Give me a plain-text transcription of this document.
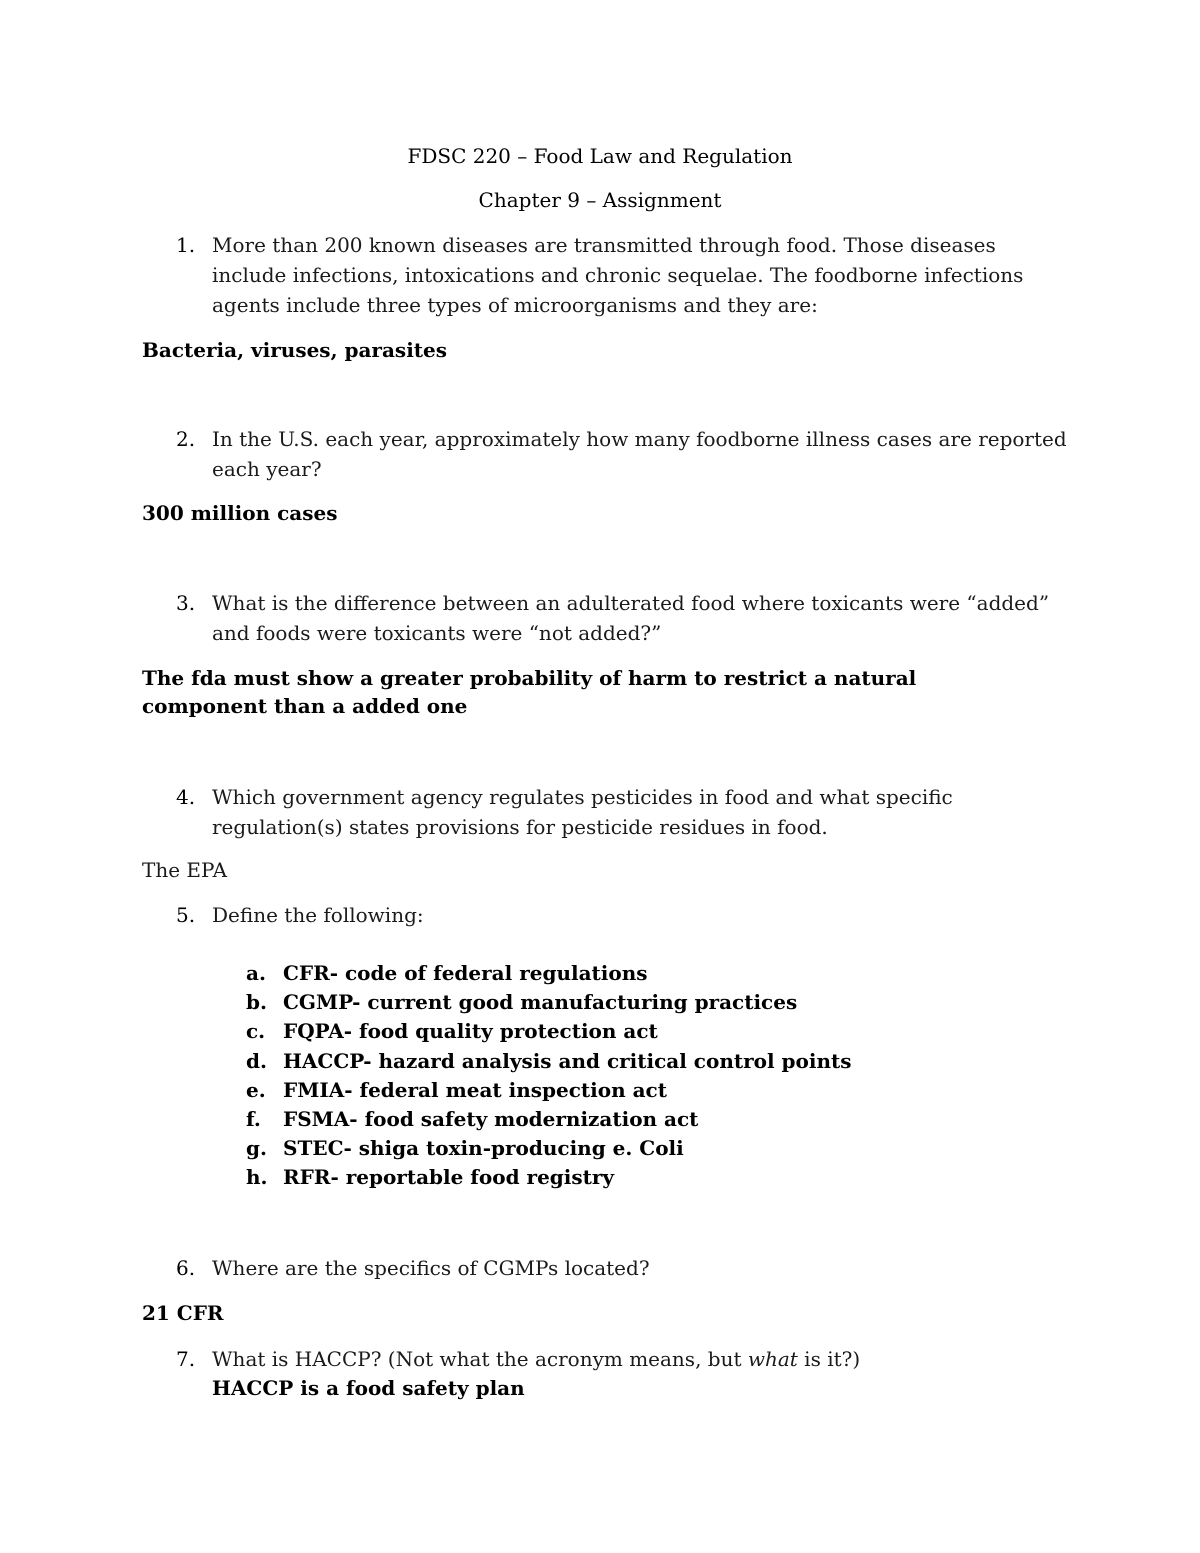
FDSC 220 – Food Law and Regulation
Chapter 9 – Assignment
1. More than 200 known diseases are transmitted through food. Those diseases include infections, intoxications and chronic sequelae. The foodborne infections agents include three types of microorganisms and they are:
Bacteria, viruses, parasites
2. In the U.S. each year, approximately how many foodborne illness cases are reported each year?
300 million cases
3. What is the difference between an adulterated food where toxicants were “added” and foods were toxicants were “not added?”
The fda must show a greater probability of harm to restrict a natural component than a added one
4. Which government agency regulates pesticides in food and what specific regulation(s) states provisions for pesticide residues in food.
The EPA
5. Define the following:
a. CFR- code of federal regulations
b. CGMP- current good manufacturing practices
c. FQPA- food quality protection act
d. HACCP- hazard analysis and critical control points
e. FMIA- federal meat inspection act
f. FSMA- food safety modernization act
g. STEC- shiga toxin-producing e. Coli
h. RFR- reportable food registry
6. Where are the specifics of CGMPs located?
21 CFR
7. What is HACCP? (Not what the acronym means, but what is it?)
HACCP is a food safety plan
